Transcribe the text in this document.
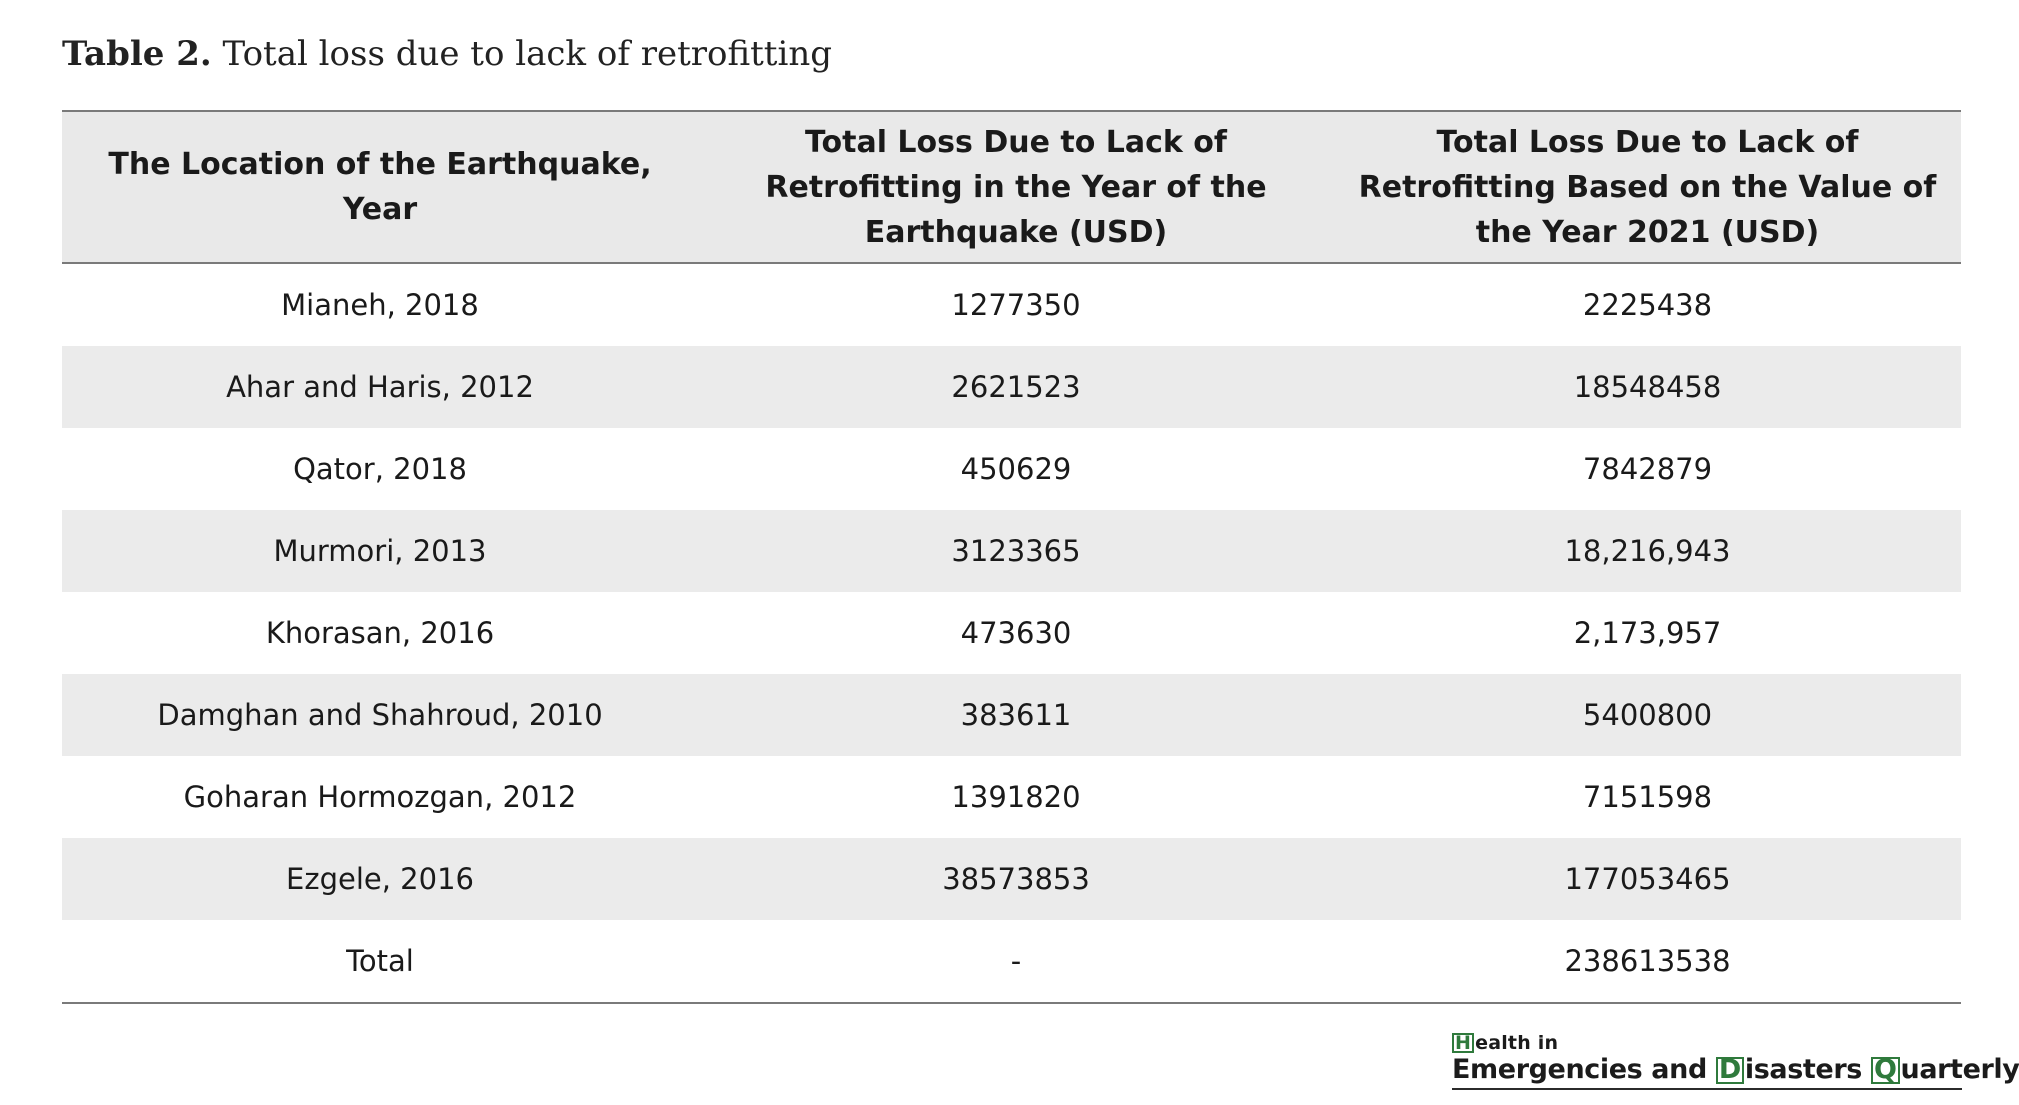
Table 2. Total loss due to lack of retrofitting
The Location of the Earthquake, Year	Total Loss Due to Lack of Retrofitting in the Year of the Earthquake (USD)	Total Loss Due to Lack of Retrofitting Based on the Value of the Year 2021 (USD)
Mianeh, 2018	1277350	2225438
Ahar and Haris, 2012	2621523	18548458
Qator, 2018	450629	7842879
Murmori, 2013	3123365	18,216,943
Khorasan, 2016	473630	2,173,957
Damghan and Shahroud, 2010	383611	5400800
Goharan Hormozgan, 2012	1391820	7151598
Ezgele, 2016	38573853	177053465
Total	-	238613538
H ealth in
Emergencies and D isasters Q uarterly
